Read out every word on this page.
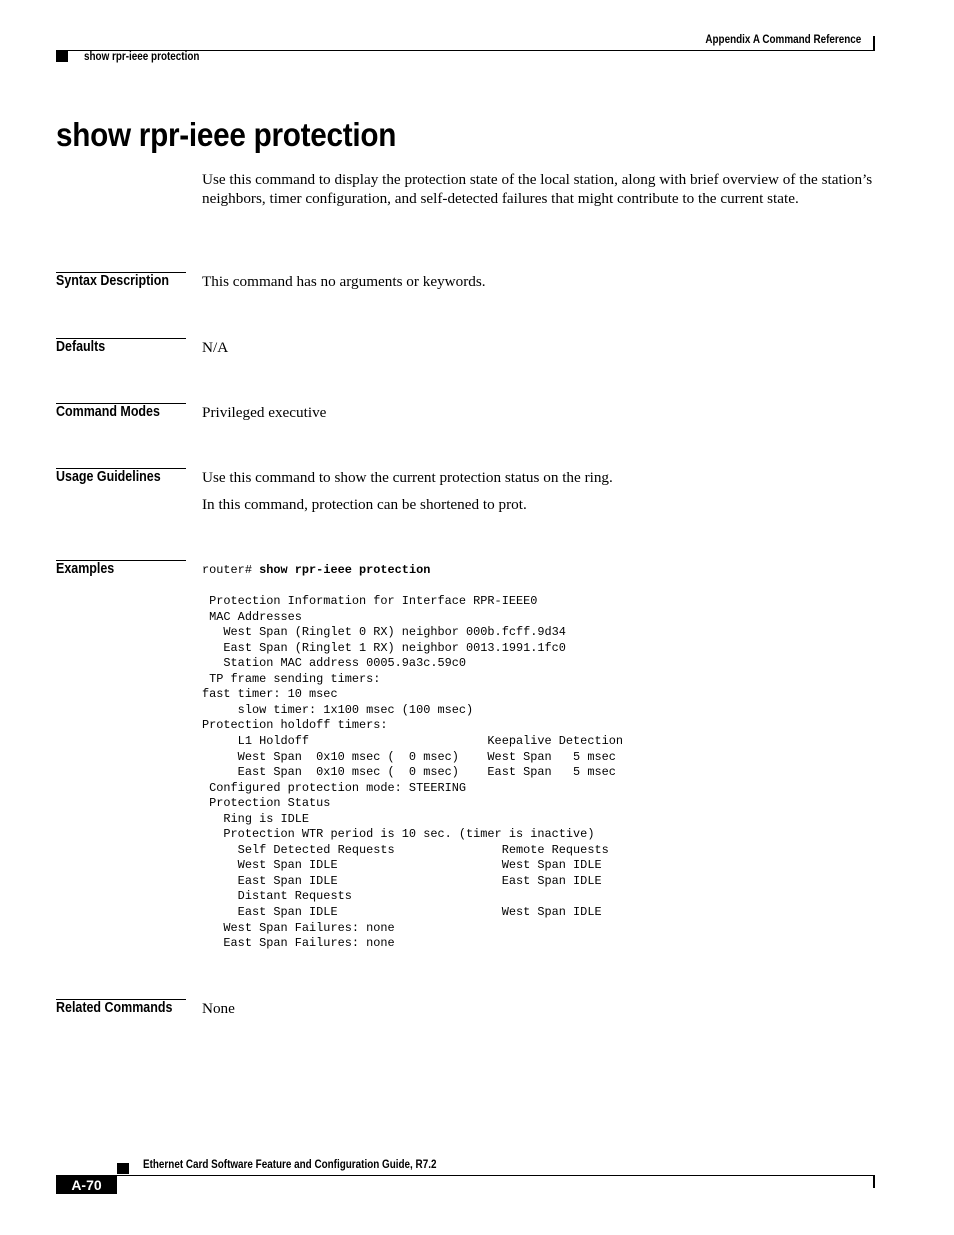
Appendix A Command Reference
show rpr-ieee protection
show rpr-ieee protection
Use this command to display the protection state of the local station, along with brief overview of the station’s neighbors, timer configuration, and self-detected failures that might contribute to the current state.
Syntax Description This command has no arguments or keywords.
Defaults	N/A
Command Modes	Privileged executive
Usage Guidelines	Use this command to show the current protection status on the ring.
In this command, protection can be shortened to prot.
Examples	router# show rpr-ieee protection

Protection Information for Interface RPR-IEEE0
MAC Addresses
West Span (Ringlet 0 RX) neighbor 000b.fcff.9d34
East Span (Ringlet 1 RX) neighbor 0013.1991.1fc0
Station MAC address 0005.9a3c.59c0
TP frame sending timers:
fast timer: 10 msec
slow timer: 1x100 msec (100 msec)
Protection holdoff timers:
L1 Holdoff                         Keepalive Detection
West Span  0x10 msec (  0 msec)    West Span   5 msec
East Span  0x10 msec (  0 msec)    East Span   5 msec
Configured protection mode: STEERING
Protection Status
Ring is IDLE
Protection WTR period is 10 sec. (timer is inactive)
Self Detected Requests               Remote Requests
West Span IDLE                       West Span IDLE
East Span IDLE                       East Span IDLE
Distant Requests
East Span IDLE                       West Span IDLE
West Span Failures: none
East Span Failures: none
Related Commands None
Ethernet Card Software Feature and Configuration Guide, R7.2
A-70
